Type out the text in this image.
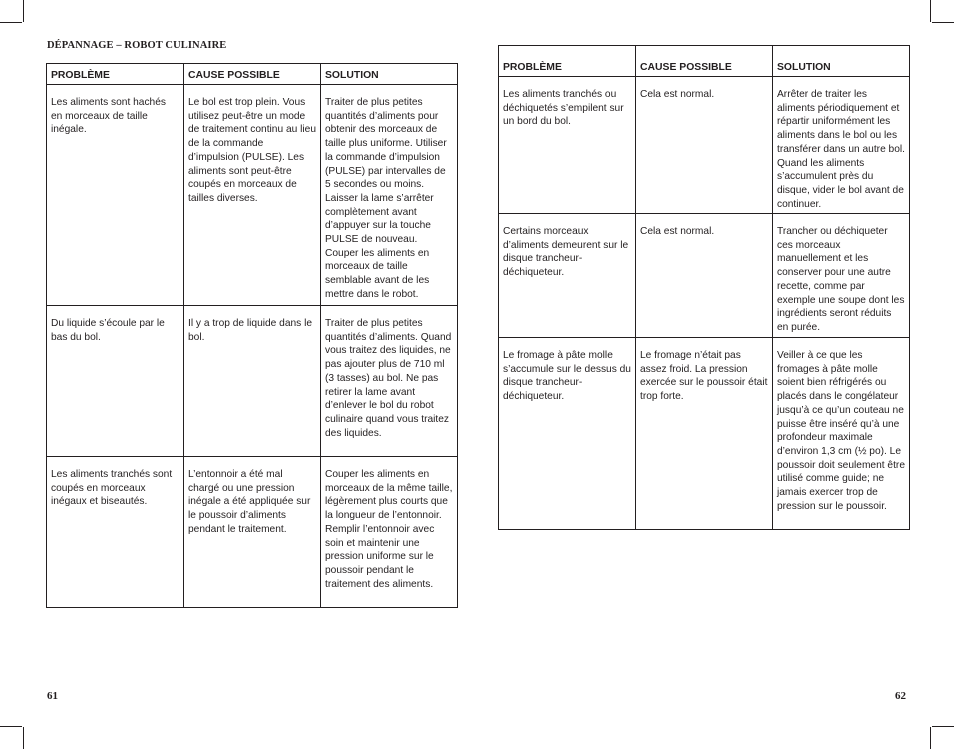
DÉPANNAGE – ROBOT CULINAIRE
PROBLÈME	CAUSE POSSIBLE	SOLUTION
Les aliments sont hachés en morceaux de taille inégale.	Le bol est trop plein. Vous utilisez peut-être un mode de traitement continu au lieu de la commande d’impulsion (PULSE). Les aliments sont peut-être coupés en morceaux de tailles diverses.	Traiter de plus petites quantités d’aliments pour obtenir des morceaux de taille plus uniforme. Utiliser la commande d’impulsion (PULSE) par intervalles de 5 secondes ou moins. Laisser la lame s’arrêter complètement avant d’appuyer sur la touche PULSE de nouveau. Couper les aliments en morceaux de taille semblable avant de les mettre dans le robot.
Du liquide s’écoule par le bas du bol.	Il y a trop de liquide dans le bol.	Traiter de plus petites quantités d’aliments. Quand vous traitez des liquides, ne pas ajouter plus de 710 ml (3 tasses) au bol. Ne pas retirer la lame avant d’enlever le bol du robot culinaire quand vous traitez des liquides.
Les aliments tranchés sont coupés en morceaux inégaux et biseautés.	L’entonnoir a été mal chargé ou une pression inégale a été appliquée sur le poussoir d’aliments pendant le traitement.	Couper les aliments en morceaux de la même taille, légèrement plus courts que la longueur de l’entonnoir. Remplir l’entonnoir avec soin et maintenir une pression uniforme sur le poussoir pendant le traitement des aliments.
61
PROBLÈME	CAUSE POSSIBLE	SOLUTION
Les aliments tranchés ou déchiquetés s’empilent sur un bord du bol.	Cela est normal.	Arrêter de traiter les aliments périodiquement et répartir uniformément les aliments dans le bol ou les transférer dans un autre bol. Quand les aliments s’accumulent près du disque, vider le bol avant de continuer.
Certains morceaux d’aliments demeurent sur le disque trancheur-déchiqueteur.	Cela est normal.	Trancher ou déchiqueter ces morceaux manuellement et les conserver pour une autre recette, comme par exemple une soupe dont les ingrédients seront réduits en purée.
Le fromage à pâte molle s’accumule sur le dessus du disque trancheur-déchiqueteur.	Le fromage n’était pas assez froid. La pression exercée sur le poussoir était trop forte.	Veiller à ce que les fromages à pâte molle soient bien réfrigérés ou placés dans le congélateur jusqu’à ce qu’un couteau ne puisse être inséré qu’à une profondeur maximale d’environ 1,3 cm (½ po). Le poussoir doit seulement être utilisé comme guide; ne jamais exercer trop de pression sur le poussoir.
62
